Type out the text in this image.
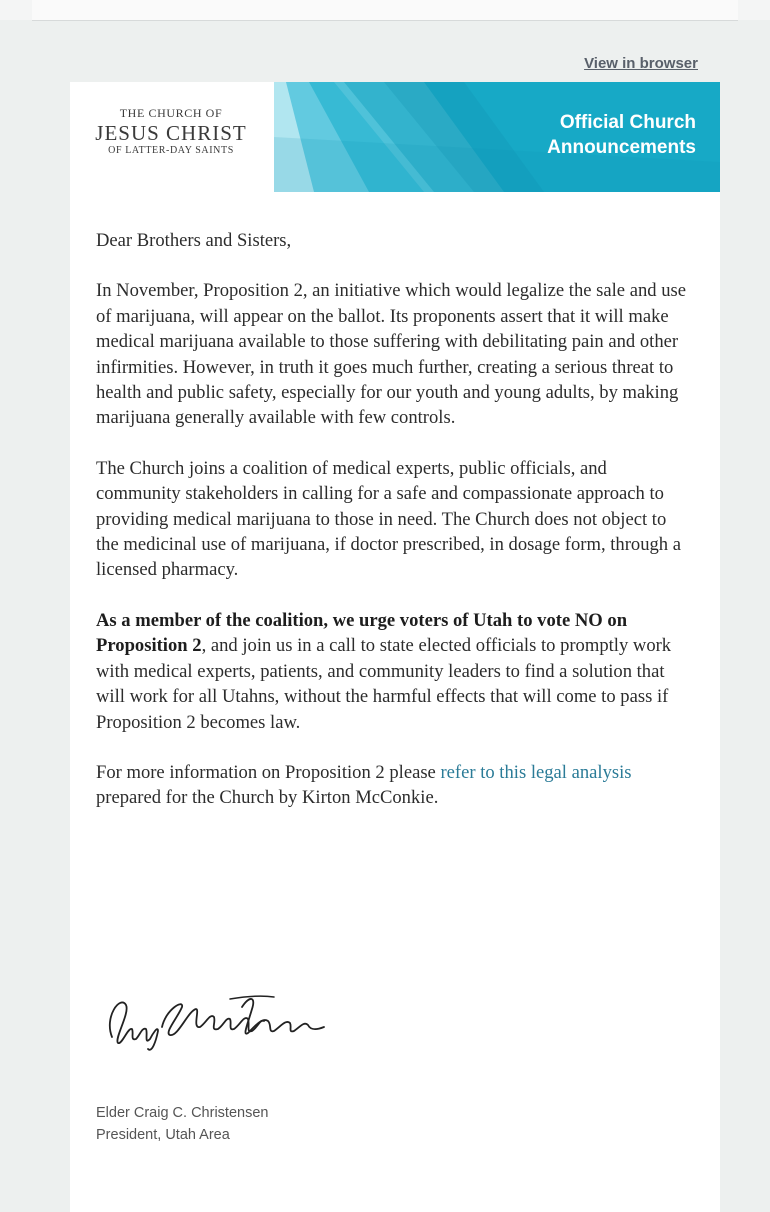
View in browser
THE CHURCH OF
JESUS CHRIST
OF LATTER-DAY SAINTS
Official Church
Announcements

Dear Brothers and Sisters,

In November, Proposition 2, an initiative which would legalize the sale and use of marijuana, will appear on the ballot. Its proponents assert that it will make medical marijuana available to those suffering with debilitating pain and other infirmities. However, in truth it goes much further, creating a serious threat to health and public safety, especially for our youth and young adults, by making marijuana generally available with few controls.

The Church joins a coalition of medical experts, public officials, and community stakeholders in calling for a safe and compassionate approach to providing medical marijuana to those in need. The Church does not object to the medicinal use of marijuana, if doctor prescribed, in dosage form, through a licensed pharmacy.

As a member of the coalition, we urge voters of Utah to vote NO on Proposition 2, and join us in a call to state elected officials to promptly work with medical experts, patients, and community leaders to find a solution that will work for all Utahns, without the harmful effects that will come to pass if Proposition 2 becomes law.

For more information on Proposition 2 please refer to this legal analysis prepared for the Church by Kirton McConkie.

Elder Craig C. Christensen
President, Utah Area
